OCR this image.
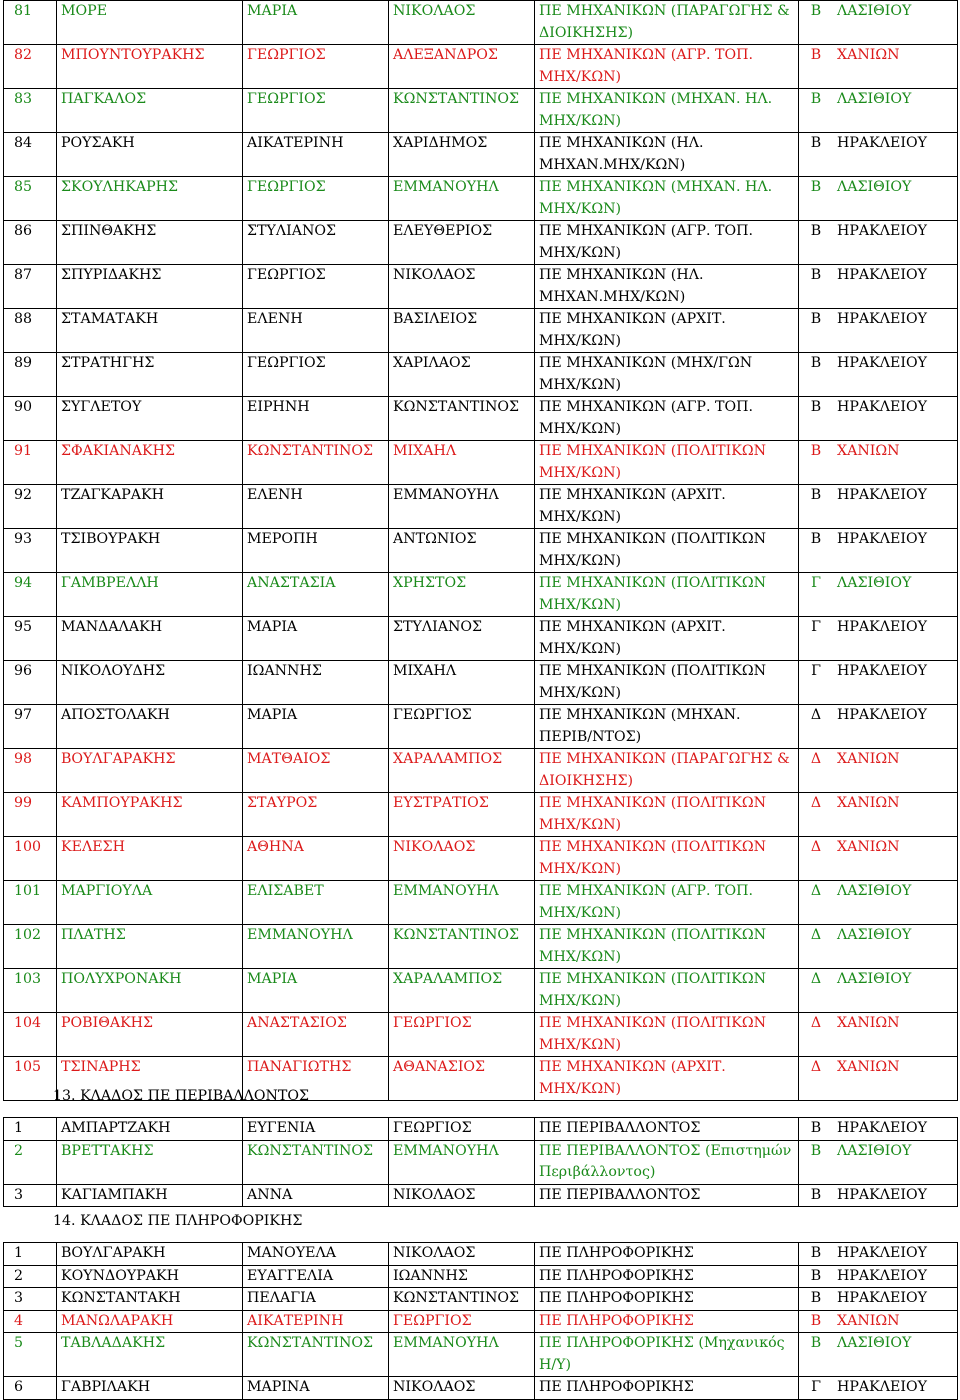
81	ΜΟΡΕ	ΜΑΡΙΑ	ΝΙΚΟΛΑΟΣ	ΠΕ ΜΗΧΑΝΙΚΩΝ (ΠΑΡΑΓΩΓΗΣ &
ΔΙΟΙΚΗΣΗΣ)	Β	ΛΑΣΙΘΙΟΥ
82	ΜΠΟΥΝΤΟΥΡΑΚΗΣ	ΓΕΩΡΓΙΟΣ	ΑΛΕΞΑΝΔΡΟΣ	ΠΕ ΜΗΧΑΝΙΚΩΝ (ΑΓΡ. ΤΟΠ.
ΜΗΧ/ΚΩΝ)	Β	ΧΑΝΙΩΝ
83	ΠΑΓΚΑΛΟΣ	ΓΕΩΡΓΙΟΣ	ΚΩΝΣΤΑΝΤΙΝΟΣ	ΠΕ ΜΗΧΑΝΙΚΩΝ (ΜΗΧΑΝ. ΗΛ.
ΜΗΧ/ΚΩΝ)	Β	ΛΑΣΙΘΙΟΥ
84	ΡΟΥΣΑΚΗ	ΑΙΚΑΤΕΡΙΝΗ	ΧΑΡΙΔΗΜΟΣ	ΠΕ ΜΗΧΑΝΙΚΩΝ (ΗΛ.
ΜΗΧΑΝ.ΜΗΧ/ΚΩΝ)	Β	ΗΡΑΚΛΕΙΟΥ
85	ΣΚΟΥΛΗΚΑΡΗΣ	ΓΕΩΡΓΙΟΣ	ΕΜΜΑΝΟΥΗΛ	ΠΕ ΜΗΧΑΝΙΚΩΝ (ΜΗΧΑΝ. ΗΛ.
ΜΗΧ/ΚΩΝ)	Β	ΛΑΣΙΘΙΟΥ
86	ΣΠΙΝΘΑΚΗΣ	ΣΤΥΛΙΑΝΟΣ	ΕΛΕΥΘΕΡΙΟΣ	ΠΕ ΜΗΧΑΝΙΚΩΝ (ΑΓΡ. ΤΟΠ.
ΜΗΧ/ΚΩΝ)	Β	ΗΡΑΚΛΕΙΟΥ
87	ΣΠΥΡΙΔΑΚΗΣ	ΓΕΩΡΓΙΟΣ	ΝΙΚΟΛΑΟΣ	ΠΕ ΜΗΧΑΝΙΚΩΝ (ΗΛ.
ΜΗΧΑΝ.ΜΗΧ/ΚΩΝ)	Β	ΗΡΑΚΛΕΙΟΥ
88	ΣΤΑΜΑΤΑΚΗ	ΕΛΕΝΗ	ΒΑΣΙΛΕΙΟΣ	ΠΕ ΜΗΧΑΝΙΚΩΝ (ΑΡΧΙΤ.
ΜΗΧ/ΚΩΝ)	Β	ΗΡΑΚΛΕΙΟΥ
89	ΣΤΡΑΤΗΓΗΣ	ΓΕΩΡΓΙΟΣ	ΧΑΡΙΛΑΟΣ	ΠΕ ΜΗΧΑΝΙΚΩΝ (ΜΗΧ/ΓΩΝ
ΜΗΧ/ΚΩΝ)	Β	ΗΡΑΚΛΕΙΟΥ
90	ΣΥΓΛΕΤΟΥ	ΕΙΡΗΝΗ	ΚΩΝΣΤΑΝΤΙΝΟΣ	ΠΕ ΜΗΧΑΝΙΚΩΝ (ΑΓΡ. ΤΟΠ.
ΜΗΧ/ΚΩΝ)	Β	ΗΡΑΚΛΕΙΟΥ
91	ΣΦΑΚΙΑΝΑΚΗΣ	ΚΩΝΣΤΑΝΤΙΝΟΣ	ΜΙΧΑΗΛ	ΠΕ ΜΗΧΑΝΙΚΩΝ (ΠΟΛΙΤΙΚΩΝ
ΜΗΧ/ΚΩΝ)	Β	ΧΑΝΙΩΝ
92	ΤΖΑΓΚΑΡΑΚΗ	ΕΛΕΝΗ	ΕΜΜΑΝΟΥΗΛ	ΠΕ ΜΗΧΑΝΙΚΩΝ (ΑΡΧΙΤ.
ΜΗΧ/ΚΩΝ)	Β	ΗΡΑΚΛΕΙΟΥ
93	ΤΣΙΒΟΥΡΑΚΗ	ΜΕΡΟΠΗ	ΑΝΤΩΝΙΟΣ	ΠΕ ΜΗΧΑΝΙΚΩΝ (ΠΟΛΙΤΙΚΩΝ
ΜΗΧ/ΚΩΝ)	Β	ΗΡΑΚΛΕΙΟΥ
94	ΓΑΜΒΡΕΛΛΗ	ΑΝΑΣΤΑΣΙΑ	ΧΡΗΣΤΟΣ	ΠΕ ΜΗΧΑΝΙΚΩΝ (ΠΟΛΙΤΙΚΩΝ
ΜΗΧ/ΚΩΝ)	Γ	ΛΑΣΙΘΙΟΥ
95	ΜΑΝΔΑΛΑΚΗ	ΜΑΡΙΑ	ΣΤΥΛΙΑΝΟΣ	ΠΕ ΜΗΧΑΝΙΚΩΝ (ΑΡΧΙΤ.
ΜΗΧ/ΚΩΝ)	Γ	ΗΡΑΚΛΕΙΟΥ
96	ΝΙΚΟΛΟΥΔΗΣ	ΙΩΑΝΝΗΣ	ΜΙΧΑΗΛ	ΠΕ ΜΗΧΑΝΙΚΩΝ (ΠΟΛΙΤΙΚΩΝ
ΜΗΧ/ΚΩΝ)	Γ	ΗΡΑΚΛΕΙΟΥ
97	ΑΠΟΣΤΟΛΑΚΗ	ΜΑΡΙΑ	ΓΕΩΡΓΙΟΣ	ΠΕ ΜΗΧΑΝΙΚΩΝ (ΜΗΧΑΝ.
ΠΕΡΙΒ/ΝΤΟΣ)	Δ	ΗΡΑΚΛΕΙΟΥ
98	ΒΟΥΛΓΑΡΑΚΗΣ	ΜΑΤΘΑΙΟΣ	ΧΑΡΑΛΑΜΠΟΣ	ΠΕ ΜΗΧΑΝΙΚΩΝ (ΠΑΡΑΓΩΓΗΣ &
ΔΙΟΙΚΗΣΗΣ)	Δ	ΧΑΝΙΩΝ
99	ΚΑΜΠΟΥΡΑΚΗΣ	ΣΤΑΥΡΟΣ	ΕΥΣΤΡΑΤΙΟΣ	ΠΕ ΜΗΧΑΝΙΚΩΝ (ΠΟΛΙΤΙΚΩΝ
ΜΗΧ/ΚΩΝ)	Δ	ΧΑΝΙΩΝ
100	ΚΕΛΕΣΗ	ΑΘΗΝΑ	ΝΙΚΟΛΑΟΣ	ΠΕ ΜΗΧΑΝΙΚΩΝ (ΠΟΛΙΤΙΚΩΝ
ΜΗΧ/ΚΩΝ)	Δ	ΧΑΝΙΩΝ
101	ΜΑΡΓΙΟΥΛΑ	ΕΛΙΣΑΒΕΤ	ΕΜΜΑΝΟΥΗΛ	ΠΕ ΜΗΧΑΝΙΚΩΝ (ΑΓΡ. ΤΟΠ.
ΜΗΧ/ΚΩΝ)	Δ	ΛΑΣΙΘΙΟΥ
102	ΠΛΑΤΗΣ	ΕΜΜΑΝΟΥΗΛ	ΚΩΝΣΤΑΝΤΙΝΟΣ	ΠΕ ΜΗΧΑΝΙΚΩΝ (ΠΟΛΙΤΙΚΩΝ
ΜΗΧ/ΚΩΝ)	Δ	ΛΑΣΙΘΙΟΥ
103	ΠΟΛΥΧΡΟΝΑΚΗ	ΜΑΡΙΑ	ΧΑΡΑΛΑΜΠΟΣ	ΠΕ ΜΗΧΑΝΙΚΩΝ (ΠΟΛΙΤΙΚΩΝ
ΜΗΧ/ΚΩΝ)	Δ	ΛΑΣΙΘΙΟΥ
104	ΡΟΒΙΘΑΚΗΣ	ΑΝΑΣΤΑΣΙΟΣ	ΓΕΩΡΓΙΟΣ	ΠΕ ΜΗΧΑΝΙΚΩΝ (ΠΟΛΙΤΙΚΩΝ
ΜΗΧ/ΚΩΝ)	Δ	ΧΑΝΙΩΝ
105	ΤΣΙΝΑΡΗΣ	ΠΑΝΑΓΙΩΤΗΣ	ΑΘΑΝΑΣΙΟΣ	ΠΕ ΜΗΧΑΝΙΚΩΝ (ΑΡΧΙΤ.
ΜΗΧ/ΚΩΝ)	Δ	ΧΑΝΙΩΝ
13. ΚΛΑΔΟΣ ΠΕ ΠΕΡΙΒΑΛΛΟΝΤΟΣ
1	ΑΜΠΑΡΤΖΑΚΗ	ΕΥΓΕΝΙΑ	ΓΕΩΡΓΙΟΣ	ΠΕ ΠΕΡΙΒΑΛΛΟΝΤΟΣ	Β	ΗΡΑΚΛΕΙΟΥ
2	ΒΡΕΤΤΑΚΗΣ	ΚΩΝΣΤΑΝΤΙΝΟΣ	ΕΜΜΑΝΟΥΗΛ	ΠΕ ΠΕΡΙΒΑΛΛΟΝΤΟΣ (Επιστημών
Περιβάλλοντος)	Β	ΛΑΣΙΘΙΟΥ
3	ΚΑΓΙΑΜΠΑΚΗ	ΑΝΝΑ	ΝΙΚΟΛΑΟΣ	ΠΕ ΠΕΡΙΒΑΛΛΟΝΤΟΣ	Β	ΗΡΑΚΛΕΙΟΥ
14. ΚΛΑΔΟΣ ΠΕ ΠΛΗΡΟΦΟΡΙΚΗΣ
1	ΒΟΥΛΓΑΡΑΚΗ	ΜΑΝΟΥΕΛΑ	ΝΙΚΟΛΑΟΣ	ΠΕ ΠΛΗΡΟΦΟΡΙΚΗΣ	Β	ΗΡΑΚΛΕΙΟΥ
2	ΚΟΥΝΔΟΥΡΑΚΗ	ΕΥΑΓΓΕΛΙΑ	ΙΩΑΝΝΗΣ	ΠΕ ΠΛΗΡΟΦΟΡΙΚΗΣ	Β	ΗΡΑΚΛΕΙΟΥ
3	ΚΩΝΣΤΑΝΤΑΚΗ	ΠΕΛΑΓΙΑ	ΚΩΝΣΤΑΝΤΙΝΟΣ	ΠΕ ΠΛΗΡΟΦΟΡΙΚΗΣ	Β	ΗΡΑΚΛΕΙΟΥ
4	ΜΑΝΩΛΑΡΑΚΗ	ΑΙΚΑΤΕΡΙΝΗ	ΓΕΩΡΓΙΟΣ	ΠΕ ΠΛΗΡΟΦΟΡΙΚΗΣ	Β	ΧΑΝΙΩΝ
5	ΤΑΒΛΑΔΑΚΗΣ	ΚΩΝΣΤΑΝΤΙΝΟΣ	ΕΜΜΑΝΟΥΗΛ	ΠΕ ΠΛΗΡΟΦΟΡΙΚΗΣ (Μηχανικός
Η/Υ)	Β	ΛΑΣΙΘΙΟΥ
6	ΓΑΒΡΙΛΑΚΗ	ΜΑΡΙΝΑ	ΝΙΚΟΛΑΟΣ	ΠΕ ΠΛΗΡΟΦΟΡΙΚΗΣ	Γ	ΗΡΑΚΛΕΙΟΥ
